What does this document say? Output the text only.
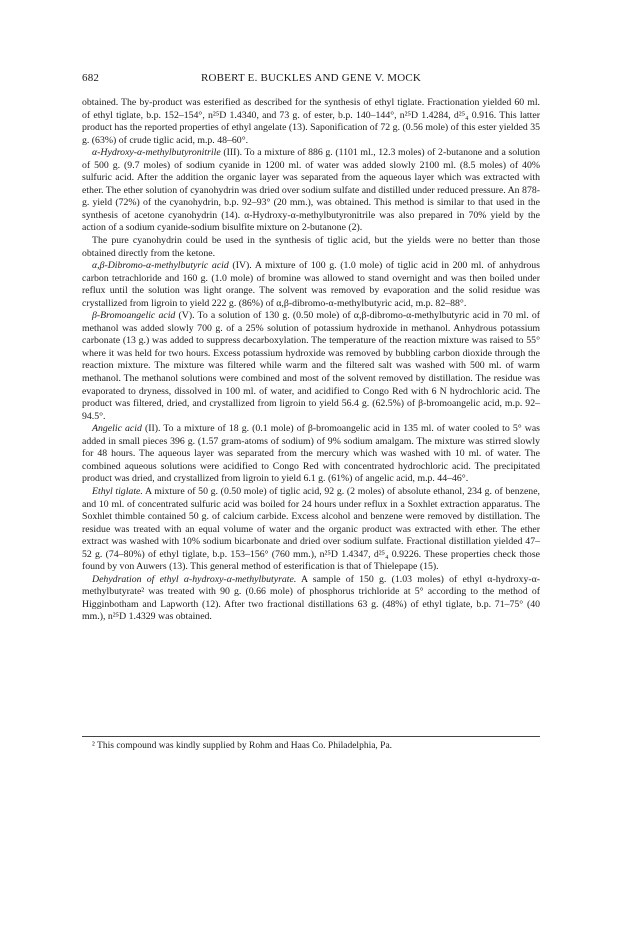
682	ROBERT E. BUCKLES AND GENE V. MOCK

obtained. The by-product was esterified as described for the synthesis of ethyl tiglate. Fractionation yielded 60 ml. of ethyl tiglate, b.p. 152–154°, n²⁵D 1.4340, and 73 g. of ester, b.p. 140–144°, n²⁵D 1.4284, d²⁵₄ 0.916. This latter product has the reported properties of ethyl angelate (13). Saponification of 72 g. (0.56 mole) of this ester yielded 35 g. (63%) of crude tiglic acid, m.p. 48–60°.

α-Hydroxy-α-methylbutyronitrile (III). To a mixture of 886 g. (1101 ml., 12.3 moles) of 2-butanone and a solution of 500 g. (9.7 moles) of sodium cyanide in 1200 ml. of water was added slowly 2100 ml. (8.5 moles) of 40% sulfuric acid. After the addition the organic layer was separated from the aqueous layer which was extracted with ether. The ether solution of cyanohydrin was dried over sodium sulfate and distilled under reduced pressure. An 878-g. yield (72%) of the cyanohydrin, b.p. 92–93° (20 mm.), was obtained. This method is similar to that used in the synthesis of acetone cyanohydrin (14). α-Hydroxy-α-methylbutyronitrile was also prepared in 70% yield by the action of a sodium cyanide-sodium bisulfite mixture on 2-butanone (2).

The pure cyanohydrin could be used in the synthesis of tiglic acid, but the yields were no better than those obtained directly from the ketone.

α,β-Dibromo-α-methylbutyric acid (IV). A mixture of 100 g. (1.0 mole) of tiglic acid in 200 ml. of anhydrous carbon tetrachloride and 160 g. (1.0 mole) of bromine was allowed to stand overnight and was then boiled under reflux until the solution was light orange. The solvent was removed by evaporation and the solid residue was crystallized from ligroin to yield 222 g. (86%) of α,β-dibromo-α-methylbutyric acid, m.p. 82–88°.

β-Bromoangelic acid (V). To a solution of 130 g. (0.50 mole) of α,β-dibromo-α-methylbutyric acid in 70 ml. of methanol was added slowly 700 g. of a 25% solution of potassium hydroxide in methanol. Anhydrous potassium carbonate (13 g.) was added to suppress decarboxylation. The temperature of the reaction mixture was raised to 55° where it was held for two hours. Excess potassium hydroxide was removed by bubbling carbon dioxide through the reaction mixture. The mixture was filtered while warm and the filtered salt was washed with 500 ml. of warm methanol. The methanol solutions were combined and most of the solvent removed by distillation. The residue was evaporated to dryness, dissolved in 100 ml. of water, and acidified to Congo Red with 6 N hydrochloric acid. The product was filtered, dried, and crystallized from ligroin to yield 56.4 g. (62.5%) of β-bromoangelic acid, m.p. 92–94.5°.

Angelic acid (II). To a mixture of 18 g. (0.1 mole) of β-bromoangelic acid in 135 ml. of water cooled to 5° was added in small pieces 396 g. (1.57 gram-atoms of sodium) of 9% sodium amalgam. The mixture was stirred slowly for 48 hours. The aqueous layer was separated from the mercury which was washed with 10 ml. of water. The combined aqueous solutions were acidified to Congo Red with concentrated hydrochloric acid. The precipitated product was dried, and crystallized from ligroin to yield 6.1 g. (61%) of angelic acid, m.p. 44–46°.

Ethyl tiglate. A mixture of 50 g. (0.50 mole) of tiglic acid, 92 g. (2 moles) of absolute ethanol, 234 g. of benzene, and 10 ml. of concentrated sulfuric acid was boiled for 24 hours under reflux in a Soxhlet extraction apparatus. The Soxhlet thimble contained 50 g. of calcium carbide. Excess alcohol and benzene were removed by distillation. The residue was treated with an equal volume of water and the organic product was extracted with ether. The ether extract was washed with 10% sodium bicarbonate and dried over sodium sulfate. Fractional distillation yielded 47–52 g. (74–80%) of ethyl tiglate, b.p. 153–156° (760 mm.), n²⁵D 1.4347, d²⁵₄ 0.9226. These properties check those found by von Auwers (13). This general method of esterification is that of Thielepape (15).

Dehydration of ethyl α-hydroxy-α-methylbutyrate. A sample of 150 g. (1.03 moles) of ethyl α-hydroxy-α-methylbutyrate² was treated with 90 g. (0.66 mole) of phosphorus trichloride at 5° according to the method of Higginbotham and Lapworth (12). After two fractional distillations 63 g. (48%) of ethyl tiglate, b.p. 71–75° (40 mm.), n²⁵D 1.4329 was obtained.

² This compound was kindly supplied by Rohm and Haas Co. Philadelphia, Pa.
